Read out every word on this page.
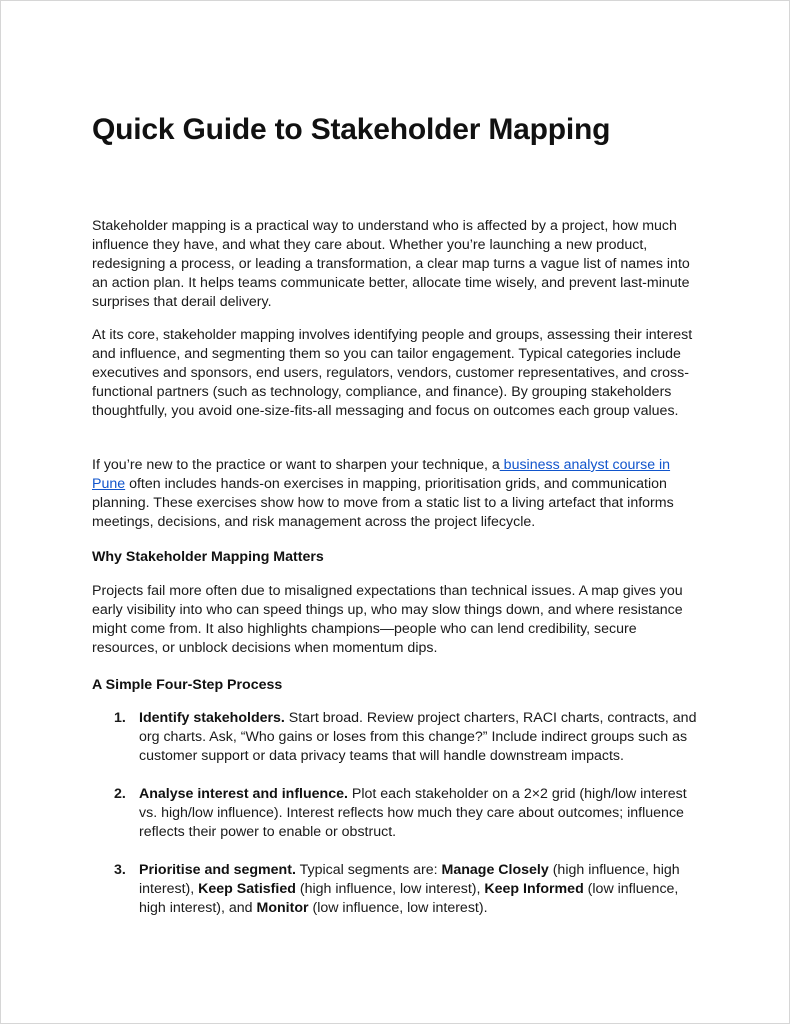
Quick Guide to Stakeholder Mapping

Stakeholder mapping is a practical way to understand who is affected by a project, how much influence they have, and what they care about. Whether you’re launching a new product, redesigning a process, or leading a transformation, a clear map turns a vague list of names into an action plan. It helps teams communicate better, allocate time wisely, and prevent last-minute surprises that derail delivery.

At its core, stakeholder mapping involves identifying people and groups, assessing their interest and influence, and segmenting them so you can tailor engagement. Typical categories include executives and sponsors, end users, regulators, vendors, customer representatives, and cross-functional partners (such as technology, compliance, and finance). By grouping stakeholders thoughtfully, you avoid one-size-fits-all messaging and focus on outcomes each group values.

If you’re new to the practice or want to sharpen your technique, a business analyst course in Pune often includes hands-on exercises in mapping, prioritisation grids, and communication planning. These exercises show how to move from a static list to a living artefact that informs meetings, decisions, and risk management across the project lifecycle.

Why Stakeholder Mapping Matters

Projects fail more often due to misaligned expectations than technical issues. A map gives you early visibility into who can speed things up, who may slow things down, and where resistance might come from. It also highlights champions—people who can lend credibility, secure resources, or unblock decisions when momentum dips.

A Simple Four-Step Process
1. Identify stakeholders. Start broad. Review project charters, RACI charts, contracts, and org charts. Ask, “Who gains or loses from this change?” Include indirect groups such as customer support or data privacy teams that will handle downstream impacts.
2. Analyse interest and influence. Plot each stakeholder on a 2×2 grid (high/low interest vs. high/low influence). Interest reflects how much they care about outcomes; influence reflects their power to enable or obstruct.
3. Prioritise and segment. Typical segments are: Manage Closely (high influence, high interest), Keep Satisfied (high influence, low interest), Keep Informed (low influence, high interest), and Monitor (low influence, low interest).
